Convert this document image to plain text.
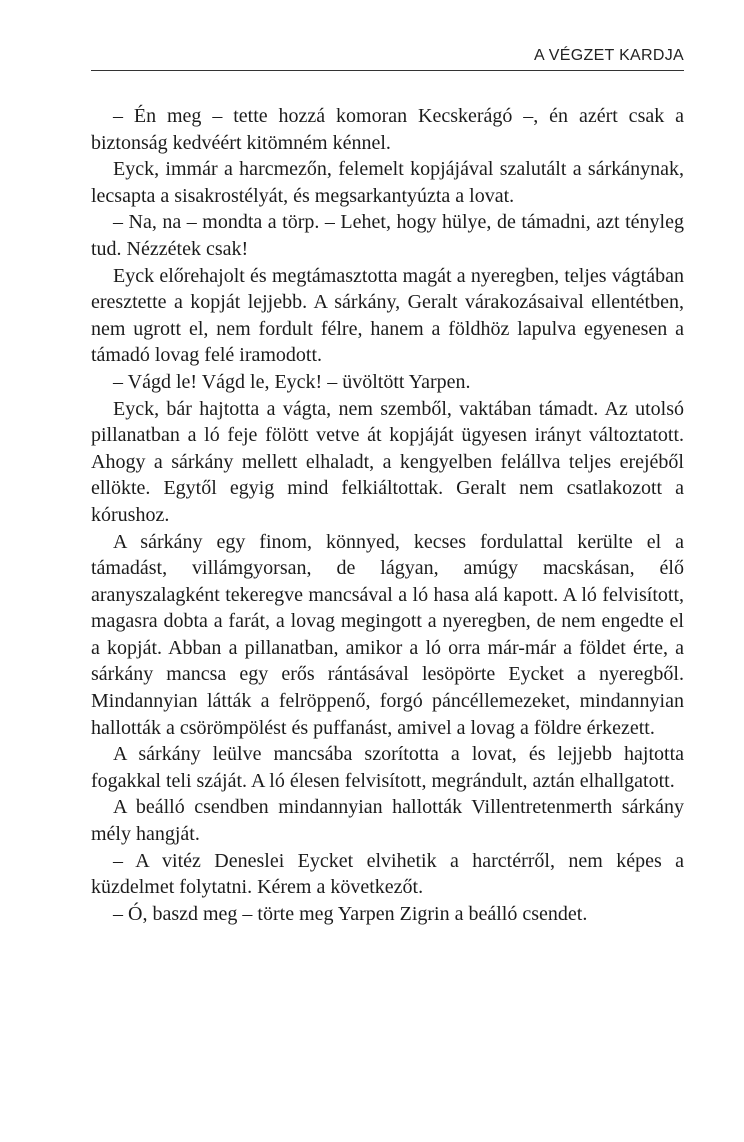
A VÉGZET KARDJA

– Én meg – tette hozzá komoran Kecskerágó –, én azért csak a biztonság kedvéért kitömném kénnel.

Eyck, immár a harcmezőn, felemelt kopjájával szalutált a sárkánynak, lecsapta a sisakrostélyát, és megsarkantyúzta a lovat.

– Na, na – mondta a törp. – Lehet, hogy hülye, de támadni, azt tényleg tud. Nézzétek csak!

Eyck előrehajolt és megtámasztotta magát a nyeregben, teljes vágtában eresztette a kopját lejjebb. A sárkány, Geralt várakozásaival ellentétben, nem ugrott el, nem fordult félre, hanem a földhöz lapulva egyenesen a támadó lovag felé iramodott.

– Vágd le! Vágd le, Eyck! – üvöltött Yarpen.

Eyck, bár hajtotta a vágta, nem szemből, vaktában támadt. Az utolsó pillanatban a ló feje fölött vetve át kopjáját ügyesen irányt változtatott. Ahogy a sárkány mellett elhaladt, a kengyelben felállva teljes erejéből ellökte. Egytől egyig mind felkiáltottak. Geralt nem csatlakozott a kórushoz.

A sárkány egy finom, könnyed, kecses fordulattal kerülte el a támadást, villámgyorsan, de lágyan, amúgy macskásan, élő aranyszalagként tekeregve mancsával a ló hasa alá kapott. A ló felvisított, magasra dobta a farát, a lovag megingott a nyeregben, de nem engedte el a kopját. Abban a pillanatban, amikor a ló orra már-már a földet érte, a sárkány mancsa egy erős rántásával lesöpörte Eycket a nyeregből. Mindannyian látták a felröppenő, forgó páncéllemezeket, mindannyian hallották a csörömpölést és puffanást, amivel a lovag a földre érkezett.

A sárkány leülve mancsába szorította a lovat, és lejjebb hajtotta fogakkal teli száját. A ló élesen felvisított, megrándult, aztán elhallgatott.

A beálló csendben mindannyian hallották Villentretenmerth sárkány mély hangját.

– A vitéz Deneslei Eycket elvihetik a harctérről, nem képes a küzdelmet folytatni. Kérem a következőt.

– Ó, baszd meg – törte meg Yarpen Zigrin a beálló csendet.
